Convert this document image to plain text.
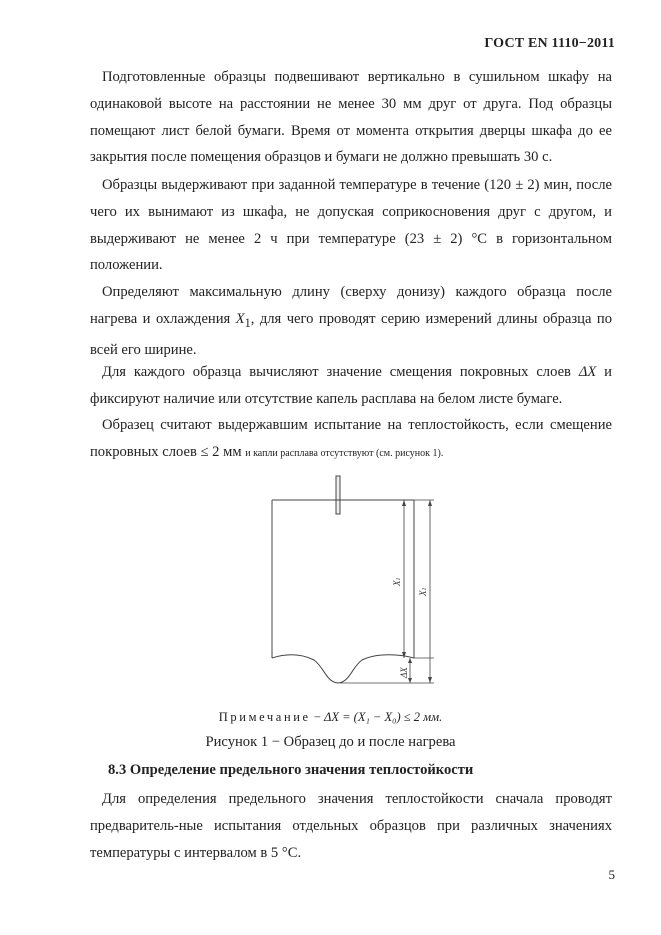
ГОСТ EN 1110−2011

Подготовленные образцы подвешивают вертикально в сушильном шкафу на одинаковой высоте на расстоянии не менее 30 мм друг от друга. Под образцы помещают лист белой бумаги. Время от момента открытия дверцы шкафа до ее закрытия после помещения образцов и бумаги не должно превышать 30 с.

Образцы выдерживают при заданной температуре в течение (120 ± 2) мин, после чего их вынимают из шкафа, не допуская соприкосновения друг с другом, и выдерживают не менее 2 ч при температуре (23 ± 2) °С в горизонтальном положении.

Определяют максимальную длину (сверху донизу) каждого образца после нагрева и охлаждения $X_1$, для чего проводят серию измерений длины образца по всей его ширине.

Для каждого образца вычисляют значение смещения покровных слоев ΔX и фиксируют наличие или отсутствие капель расплава на белом листе бумаге.

Образец считают выдержавшим испытание на теплостойкость, если смещение покровных слоев ≤ 2 мм и капли расплава отсутствуют (см. рисунок 1).

X1
X1
ΔX
Примечание − ΔX = (X₁ − X₀) ≤ 2 мм.
Рисунок 1 − Образец до и после нагрева
8.3 Определение предельного значения теплостойкости

Для определения предельного значения теплостойкости сначала проводят предваритель-ные испытания отдельных образцов при различных значениях температуры с интервалом в 5 °С.

5
